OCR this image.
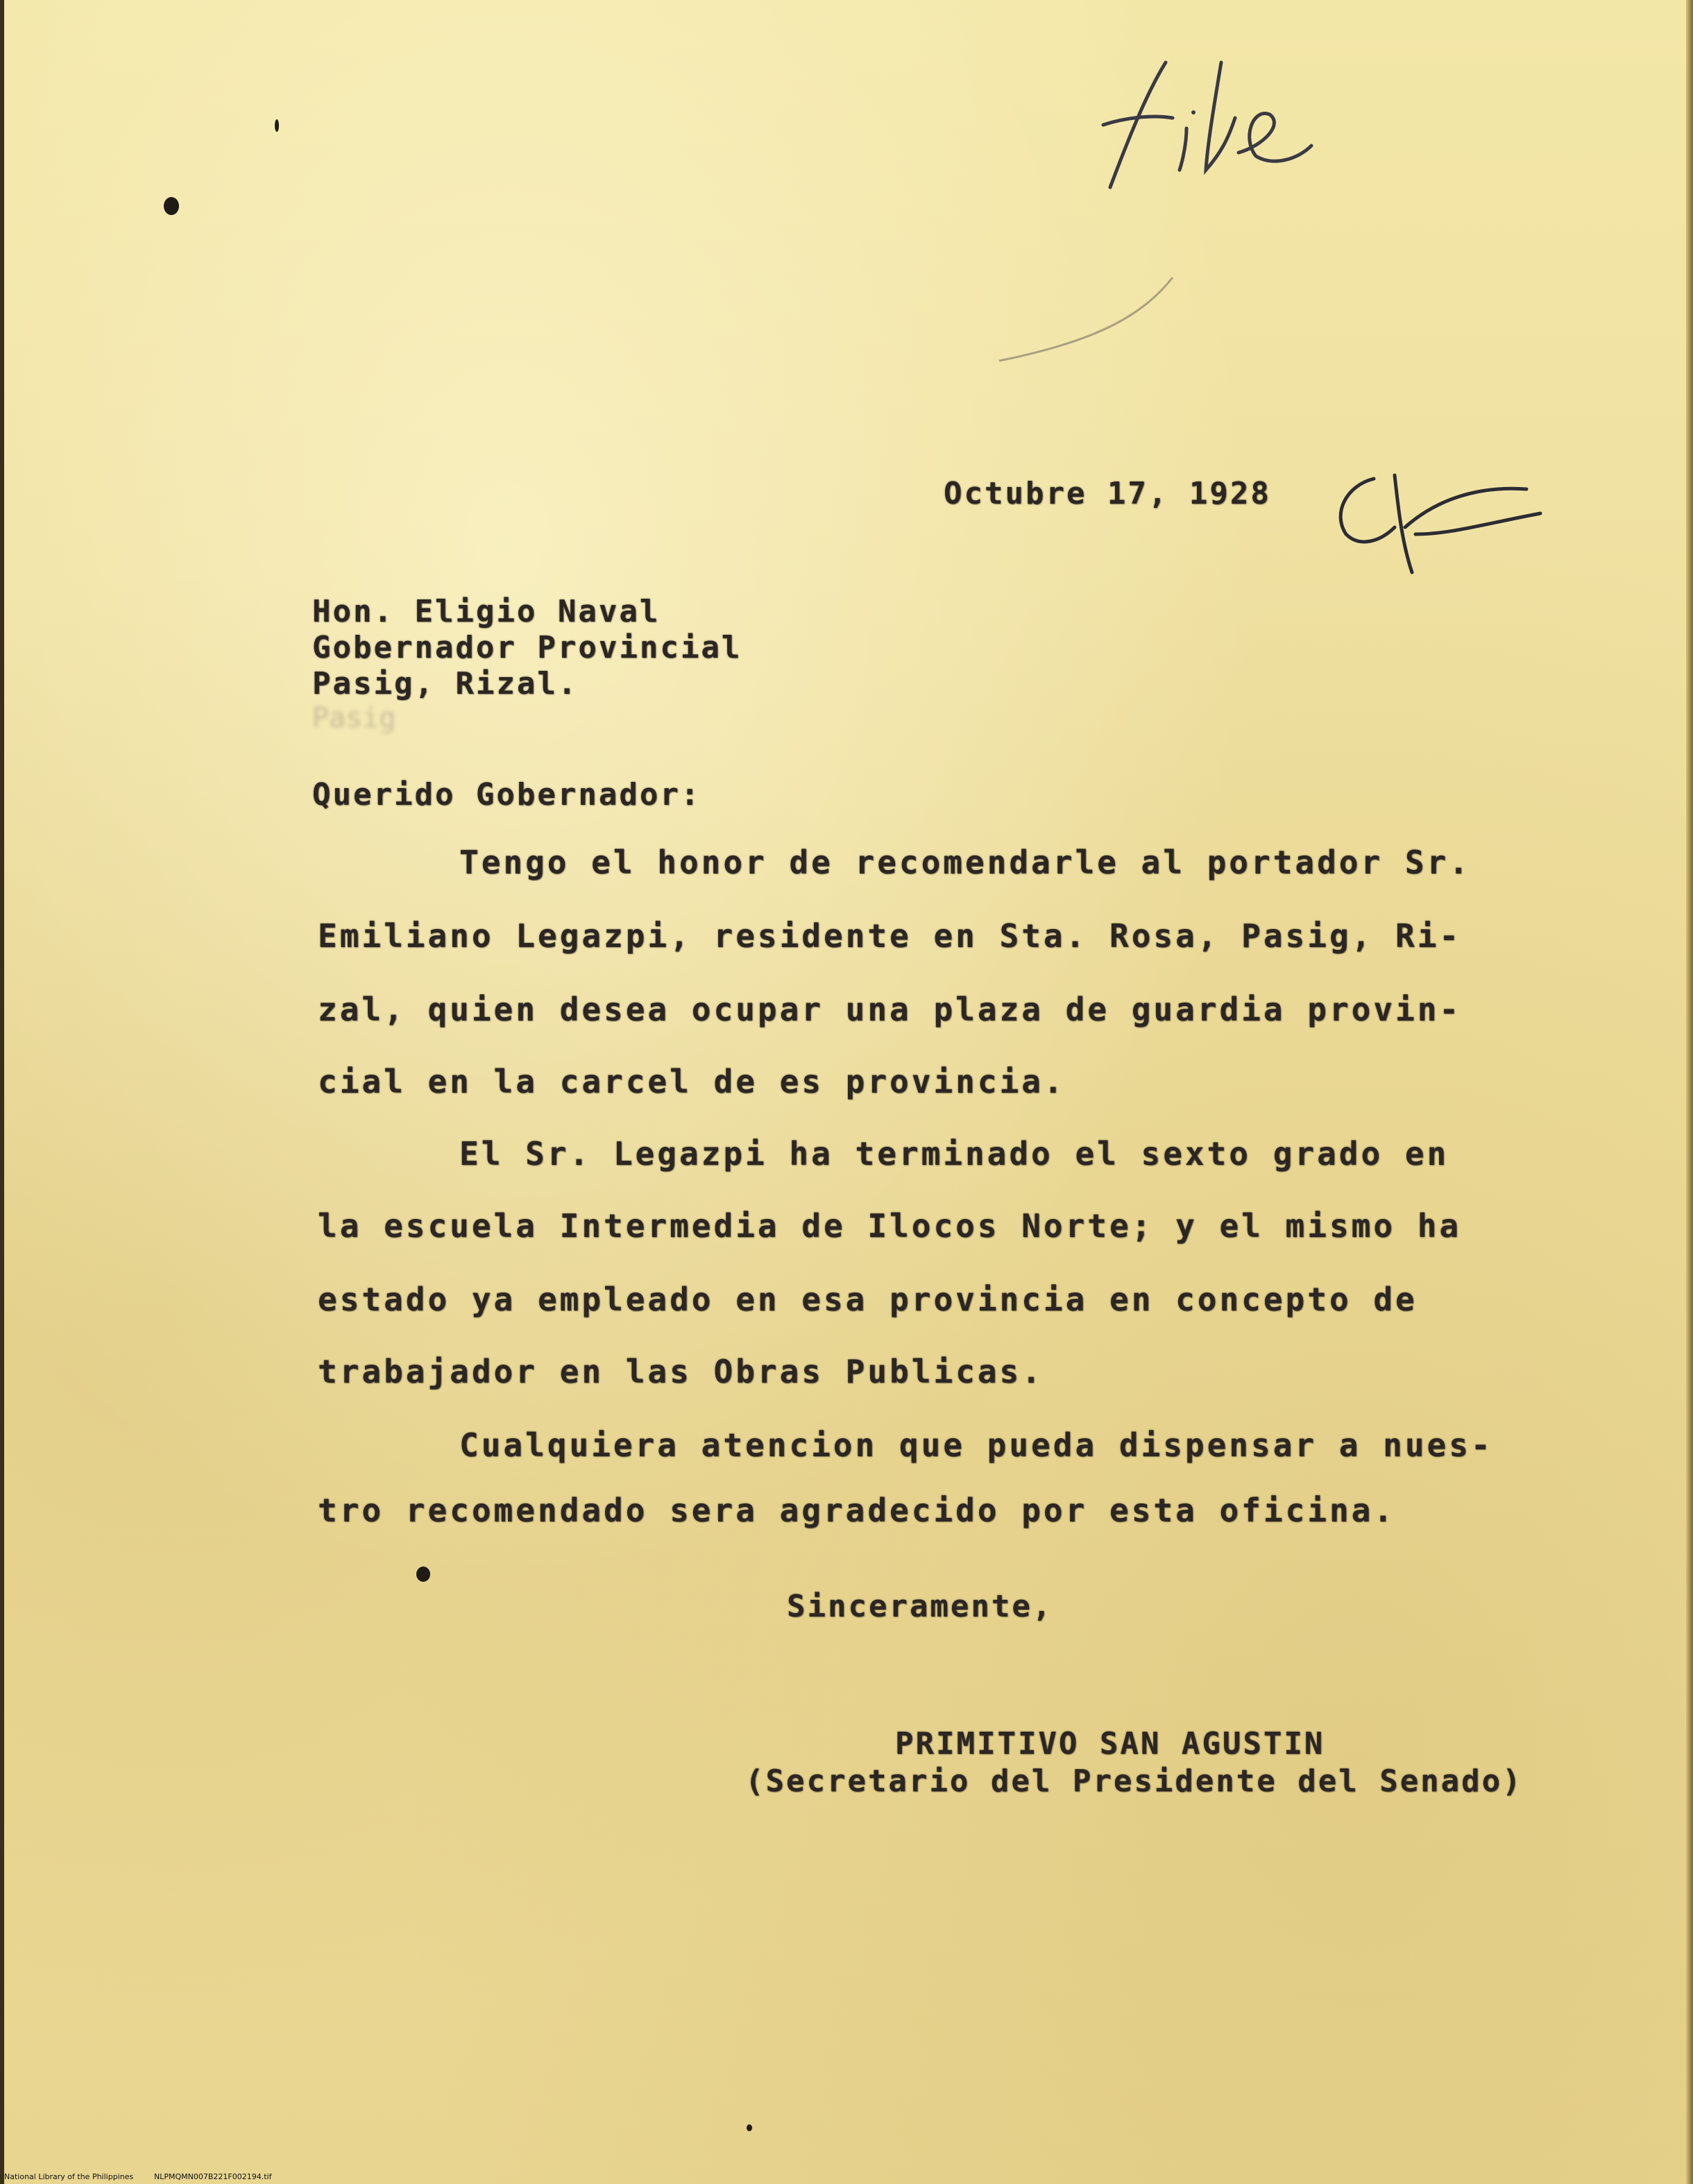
Octubre 17, 1928
Hon. Eligio Naval
Gobernador Provincial
Pasig, Rizal.
Pasig
Querido Gobernador:
Tengo el honor de recomendarle al portador Sr.
Emiliano Legazpi, residente en Sta. Rosa, Pasig, Ri-
zal, quien desea ocupar una plaza de guardia provin-
cial en la carcel de es provincia.
El Sr. Legazpi ha terminado el sexto grado en
la escuela Intermedia de Ilocos Norte; y el mismo ha
estado ya empleado en esa provincia en concepto de
trabajador en las Obras Publicas.
Cualquiera atencion que pueda dispensar a nues-
tro recomendado sera agradecido por esta oficina.
Sinceramente,
PRIMITIVO SAN AGUSTIN
(Secretario del Presidente del Senado)
National Library of the Philippines	NLPMQMN007B221F002194.tif
